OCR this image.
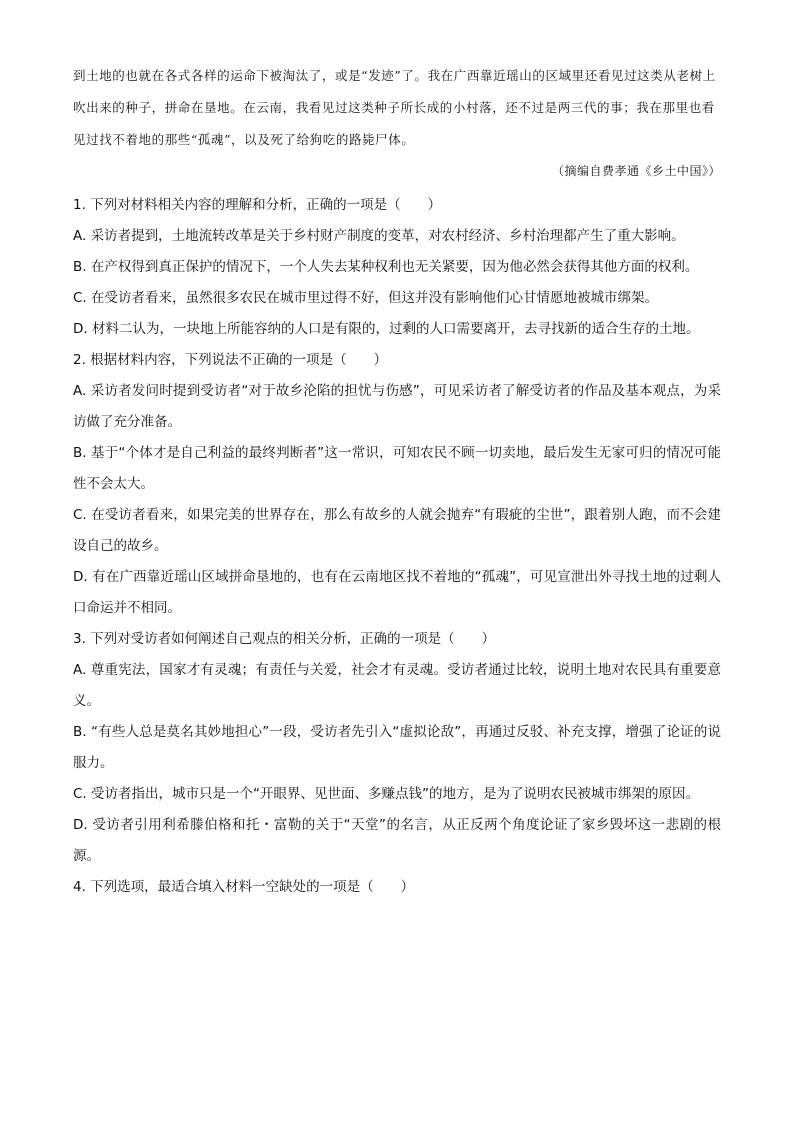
到土地的也就在各式各样的运命下被淘汰了，或是“发迹”了。我在广西靠近瑶山的区域里还看见过这类从老树上吹出来的种子，拼命在垦地。在云南，我看见过这类种子所长成的小村落，还不过是两三代的事；我在那里也看见过找不着地的那些“孤魂”，以及死了给狗吃的路毙尸体。

（摘编自费孝通《乡土中国》）

1. 下列对材料相关内容的理解和分析，正确的一项是（　　）

A. 采访者提到，土地流转改革是关于乡村财产制度的变革，对农村经济、乡村治理都产生了重大影响。

B. 在产权得到真正保护的情况下，一个人失去某种权利也无关紧要，因为他必然会获得其他方面的权利。

C. 在受访者看来，虽然很多农民在城市里过得不好，但这并没有影响他们心甘情愿地被城市绑架。

D. 材料二认为，一块地上所能容纳的人口是有限的，过剩的人口需要离开，去寻找新的适合生存的土地。

2. 根据材料内容，下列说法不正确的一项是（　　）

A. 采访者发问时提到受访者“对于故乡沦陷的担忧与伤感”，可见采访者了解受访者的作品及基本观点，为采访做了充分准备。

B. 基于“个体才是自己利益的最终判断者”这一常识，可知农民不顾一切卖地，最后发生无家可归的情况可能性不会太大。

C. 在受访者看来，如果完美的世界存在，那么有故乡的人就会抛弃“有瑕疵的尘世”，跟着别人跑，而不会建设自己的故乡。

D. 有在广西靠近瑶山区域拼命垦地的，也有在云南地区找不着地的“孤魂”，可见宣泄出外寻找土地的过剩人口命运并不相同。

3. 下列对受访者如何阐述自己观点的相关分析，正确的一项是（　　）

A. 尊重宪法，国家才有灵魂；有责任与关爱，社会才有灵魂。受访者通过比较，说明土地对农民具有重要意义。

B. “有些人总是莫名其妙地担心”一段，受访者先引入“虚拟论敌”，再通过反驳、补充支撑，增强了论证的说服力。

C. 受访者指出，城市只是一个“开眼界、见世面、多赚点钱”的地方，是为了说明农民被城市绑架的原因。

D. 受访者引用利希滕伯格和托・富勒的关于“天堂”的名言，从正反两个角度论证了家乡毁坏这一悲剧的根源。

4. 下列选项，最适合填入材料一空缺处的一项是（　　）
